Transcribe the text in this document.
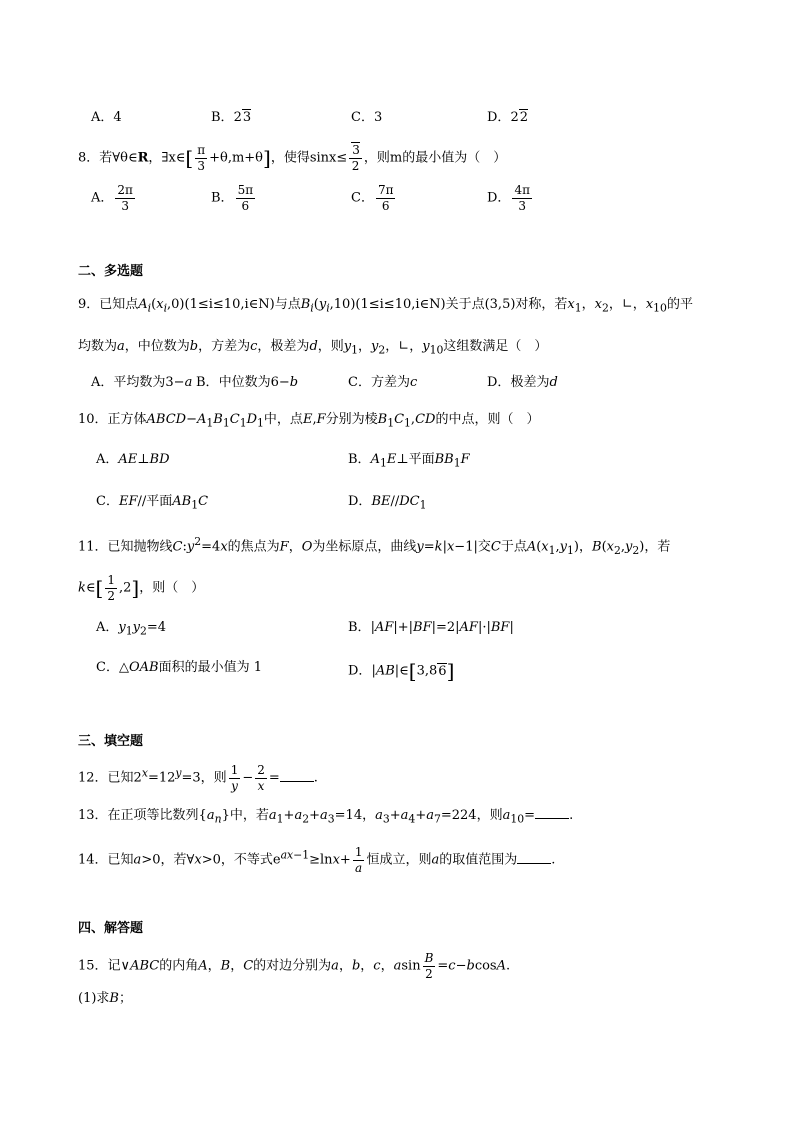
A．4	B．23	C．3	D．22
8．若∀θ∈R，∃x∈[ $\frac{\pi}{3} +\theta,m+\theta$]，使得$\sin x\le \frac{3}{2}$ ，则m的最小值为（　）
A． $\frac{2\pi}{3}$	B． $\frac{5\pi}{6}$	C． $\frac{7\pi}{6}$	D． $\frac{4\pi}{3}$
二、多选题
9．已知点$A_i(x_i,0)(1\le i\le 10,i\in N)$与点$B_i(y_i,10)(1\le i\le 10,i\in N)$关于点(3,5)对称，若$x_1$，$x_2$，∟，$x_{10}$的平
均数为a，中位数为b，方差为c，极差为d，则$y_1$，$y_2$，∟，$y_{10}$这组数满足（　）
A．平均数为3−a B．中位数为6−b	C．方差为c	D．极差为d
10．正方体$ABCD-A_1B_1C_1D_1$中，点E,F分别为棱$B_1C_1,CD$的中点，则（　）
A．AE⊥BD	B．$A_1E\perp$平面$BB_1F$
C．EF//平面$AB_1C$	D．$BE//DC_1$
11．已知抛物线$C:y^2=4x$的焦点为F，O为坐标原点，曲线y=k|x−1|交C于点$A(x_1,y_1)$，$B(x_2,y_2)$，若
k∈[ $\frac{1}{2} ,2$]，则（　）
A．$y_1y_2=4$	B．|AF|+|BF|=2|AF|·|BF|
C．△OAB面积的最小值为 1	D．|AB|∈[3,86]
三、填空题
12．已知$2^x=12^y=3$，则 $\frac{1}{y} - \frac{2}{x}$ =	.
13．在正项等比数列$\{a_n\}$中，若$a_1+a_2+a_3=14$，$a_3+a_4+a_7=224$，则$a_{10}=$	.
14．已知a>0，若∀x>0，不等式$e^{ax-1}\ge\ln x+ \frac{1}{a}$ 恒成立，则a的取值范围为	.
四、解答题
15．记∨ABC的内角A，B，C的对边分别为a，b，c，asin $\frac{B}{2} =c-bcosA$.
(1)求B；
